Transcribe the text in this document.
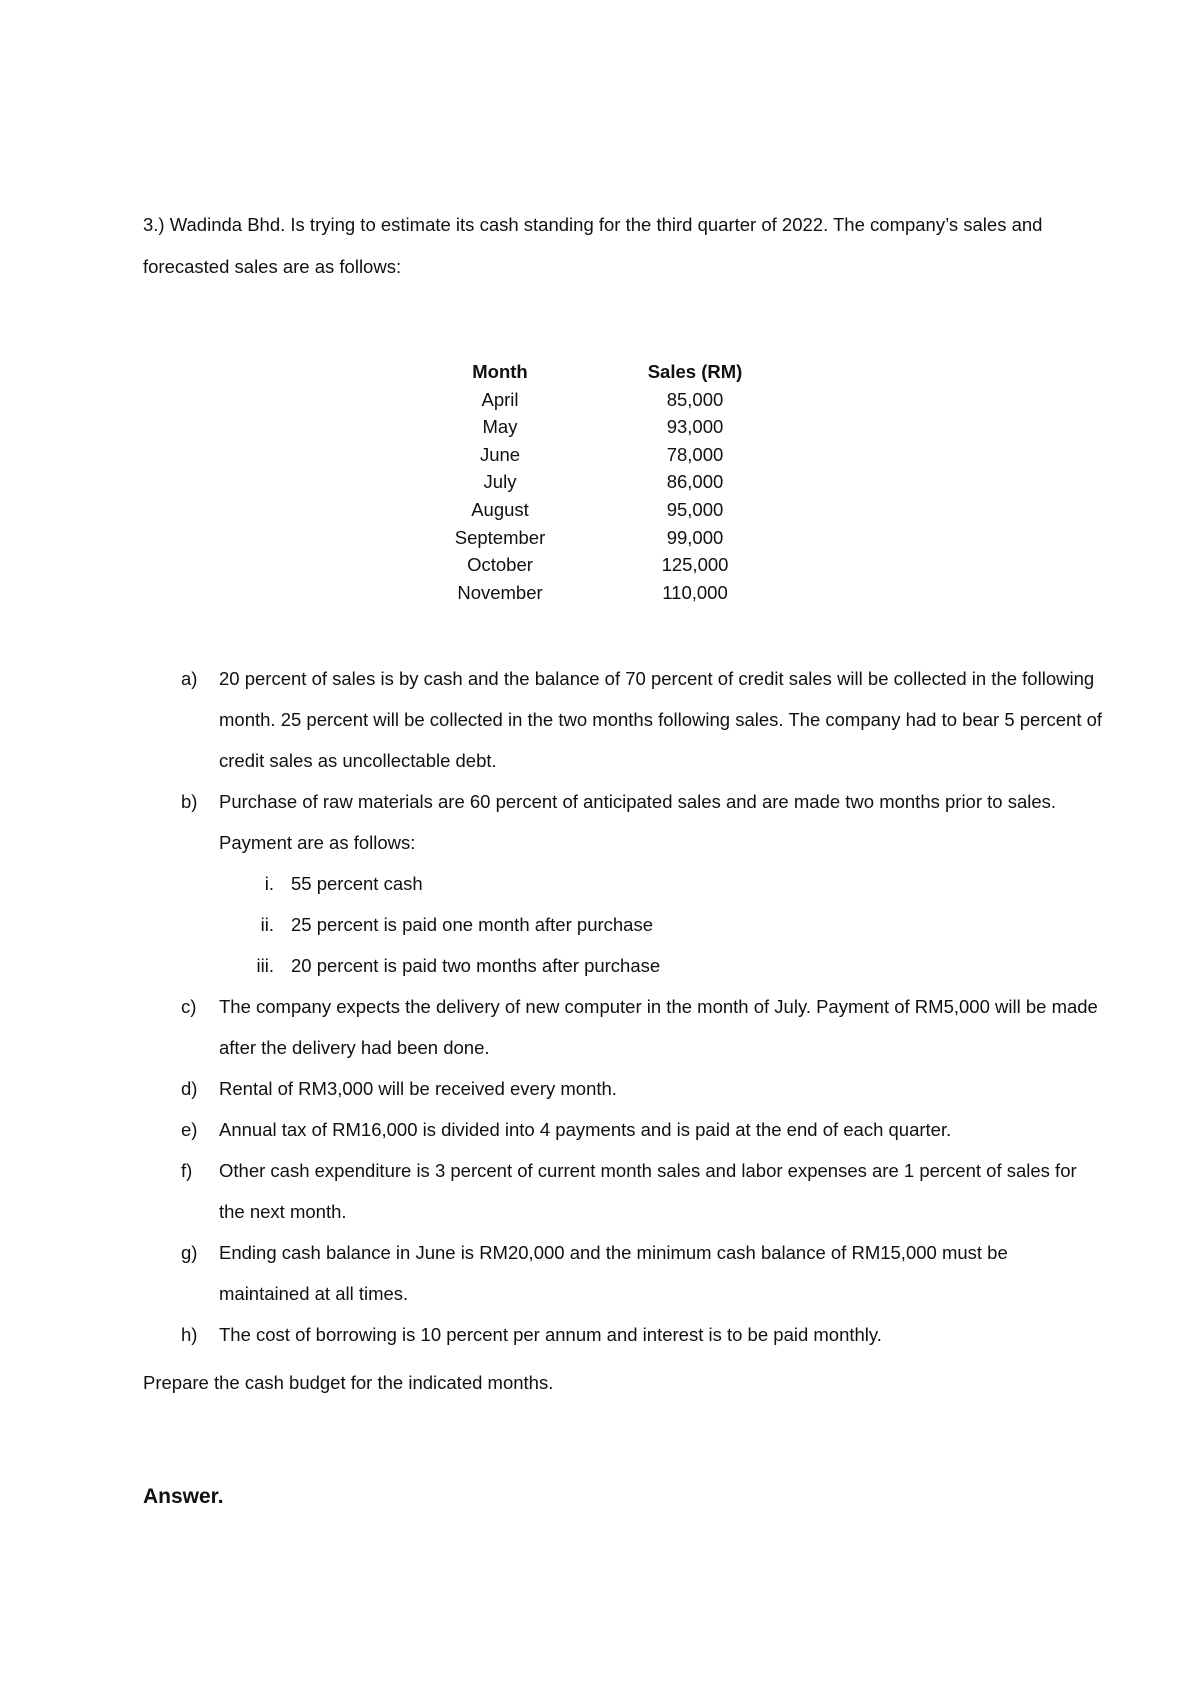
3.) Wadinda Bhd. Is trying to estimate its cash standing for the third quarter of 2022. The company’s sales and forecasted sales are as follows:

Month		Sales (RM)
April		85,000
May		93,000
June		78,000
July		86,000
August		95,000
September		99,000
October		125,000
November		110,000
a)	20 percent of sales is by cash and the balance of 70 percent of credit sales will be collected in the following month. 25 percent will be collected in the two months following sales. The company had to bear 5 percent of credit sales as uncollectable debt.
b)	Purchase of raw materials are 60 percent of anticipated sales and are made two months prior to sales. Payment are as follows:
i. 55 percent cash
ii. 25 percent is paid one month after purchase
iii. 20 percent is paid two months after purchase
c)	The company expects the delivery of new computer in the month of July. Payment of RM5,000 will be made after the delivery had been done.
d)	Rental of RM3,000 will be received every month.
e)	Annual tax of RM16,000 is divided into 4 payments and is paid at the end of each quarter.
f)	Other cash expenditure is 3 percent of current month sales and labor expenses are 1 percent of sales for the next month.
g)	Ending cash balance in June is RM20,000 and the minimum cash balance of RM15,000 must be maintained at all times.
h)	The cost of borrowing is 10 percent per annum and interest is to be paid monthly.

Prepare the cash budget for the indicated months.

Answer.
